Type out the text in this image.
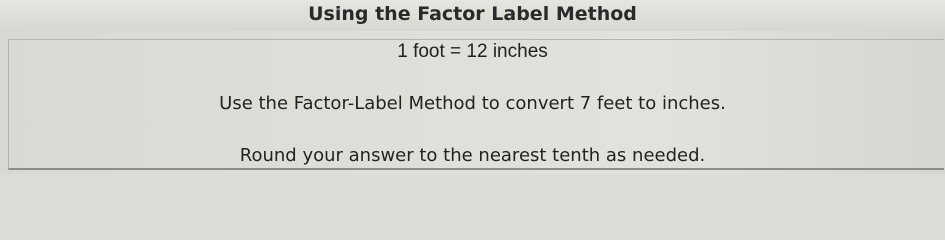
Using the Factor Label Method
1 foot = 12 inches
Use the Factor-Label Method to convert 7 feet to inches.
Round your answer to the nearest tenth as needed.
